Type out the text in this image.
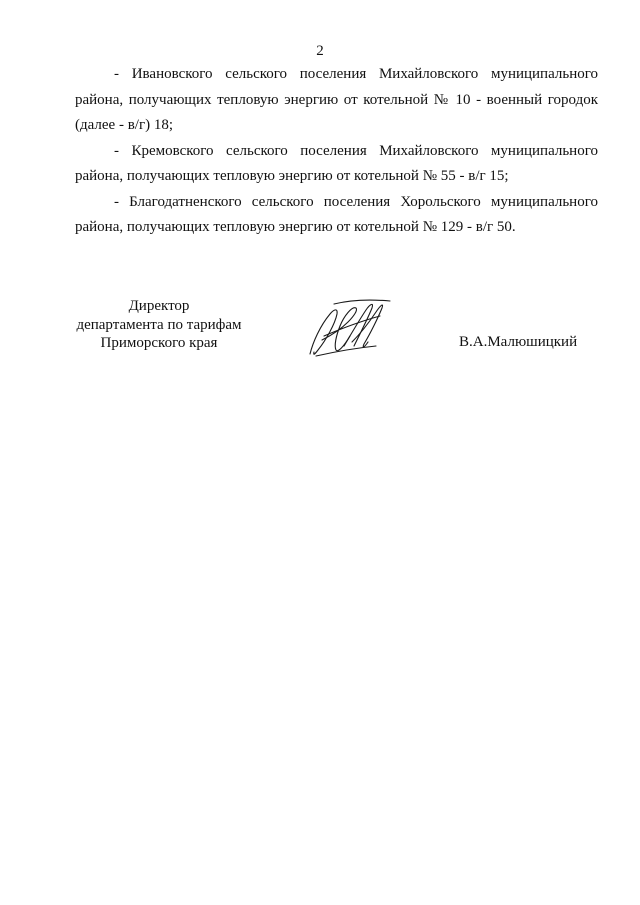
2

- Ивановского сельского поселения Михайловского муниципального района, получающих тепловую энергию от котельной № 10 - военный городок (далее - в/г) 18;

- Кремовского сельского поселения Михайловского муниципального района, получающих тепловую энергию от котельной № 55 - в/г 15;

- Благодатненского сельского поселения Хорольского муниципального района, получающих тепловую энергию от котельной № 129 - в/г 50.

Директор
департамента по тарифам
Приморского края	В.А.Малюшицкий
